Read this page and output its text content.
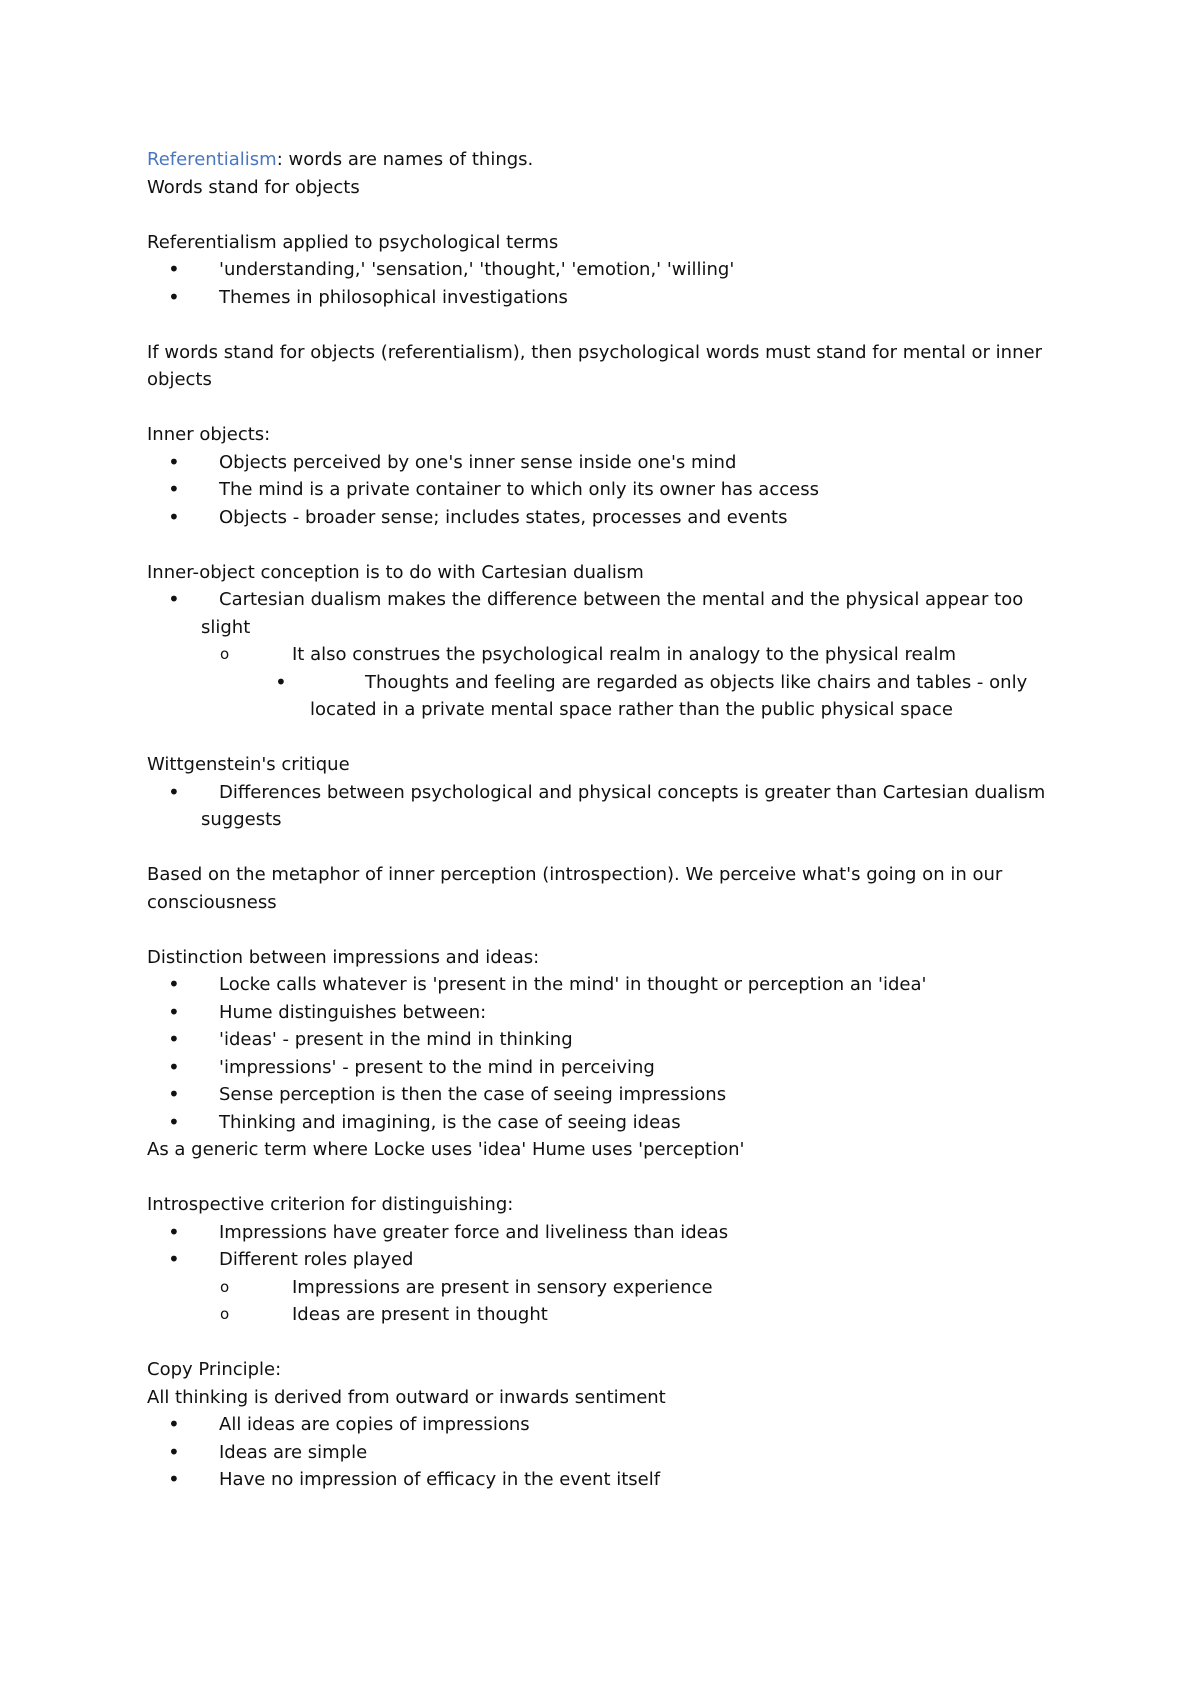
Referentialism: words are names of things.

Words stand for objects

Referentialism applied to psychological terms

• 'understanding,' 'sensation,' 'thought,' 'emotion,' 'willing'
• Themes in philosophical investigations

If words stand for objects (referentialism), then psychological words must stand for mental or inner

objects

Inner objects:

• Objects perceived by one's inner sense inside one's mind
• The mind is a private container to which only its owner has access
• Objects - broader sense; includes states, processes and events

Inner-object conception is to do with Cartesian dualism

• Cartesian dualism makes the difference between the mental and the physical appear too
slight
o	It also construes the psychological realm in analogy to the physical realm
•	Thoughts and feeling are regarded as objects like chairs and tables - only
located in a private mental space rather than the public physical space

Wittgenstein's critique

• Differences between psychological and physical concepts is greater than Cartesian dualism
suggests

Based on the metaphor of inner perception (introspection). We perceive what's going on in our

consciousness

Distinction between impressions and ideas:

• Locke calls whatever is 'present in the mind' in thought or perception an 'idea'
• Hume distinguishes between:
• 'ideas' - present in the mind in thinking
• 'impressions' - present to the mind in perceiving
• Sense perception is then the case of seeing impressions
• Thinking and imagining, is the case of seeing ideas

As a generic term where Locke uses 'idea' Hume uses 'perception'

Introspective criterion for distinguishing:

• Impressions have greater force and liveliness than ideas
• Different roles played
o	Impressions are present in sensory experience
o	Ideas are present in thought

Copy Principle:

All thinking is derived from outward or inwards sentiment

• All ideas are copies of impressions
• Ideas are simple
• Have no impression of efficacy in the event itself
